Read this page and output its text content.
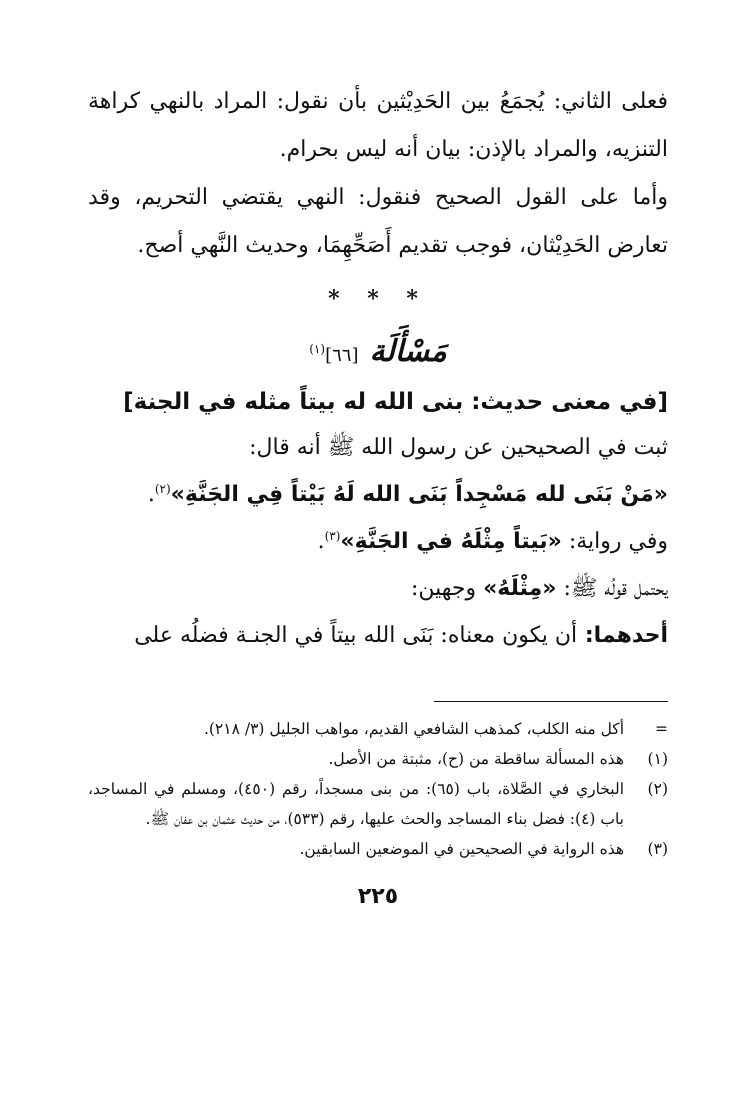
فعلى الثاني: يُجمَعُ بين الحَدِيْثين بأن نقول: المراد بالنهي كراهة التنزيه، والمراد بالإذن: بيان أنه ليس بحرام.

وأما على القول الصحيح فنقول: النهي يقتضي التحريم، وقد تعارض الحَدِيْثان، فوجب تقديم أَصَحِّهِمَا، وحديث النَّهي أصح.

* * *
مَسْأَلَة [٦٦]$^{(١)}$

[في معنى حديث: بنى الله له بيتاً مثله في الجنة]

ثبت في الصحيحين عن رسول الله ﷺ أنه قال:

«مَنْ بَنَى لله مَسْجِداً بَنَى الله لَهُ بَيْتاً فِي الجَنَّةِ»$^{(٢)}$.

وفي رواية: «بَيتاً مِثْلَهُ في الجَنَّةِ»$^{(٣)}$.

يحتمل قولُه ﷺ: «مِثْلَهُ» وجهين:

أحدهما: أن يكون معناه: بَنَى الله بيتاً في الجنـة فضلُه على

=
أكل منه الكلب، كمذهب الشافعي القديم، مواهب الجليل (٣/ ٢١٨).
(١)
هذه المسألة ساقطة من (ح)، مثبتة من الأصل.
(٢)
البخاري في الصَّلاة، باب (٦٥): من بنى مسجداً، رقم (٤٥٠)، ومسلم في المساجد، باب (٤): فضل بناء المساجد والحث عليها، رقم (٥٣٣)، من حديث عثمان بن عفان ﷺ.
(٣)
هذه الرواية في الصحيحين في الموضعين السابقين.
٢٢٥
